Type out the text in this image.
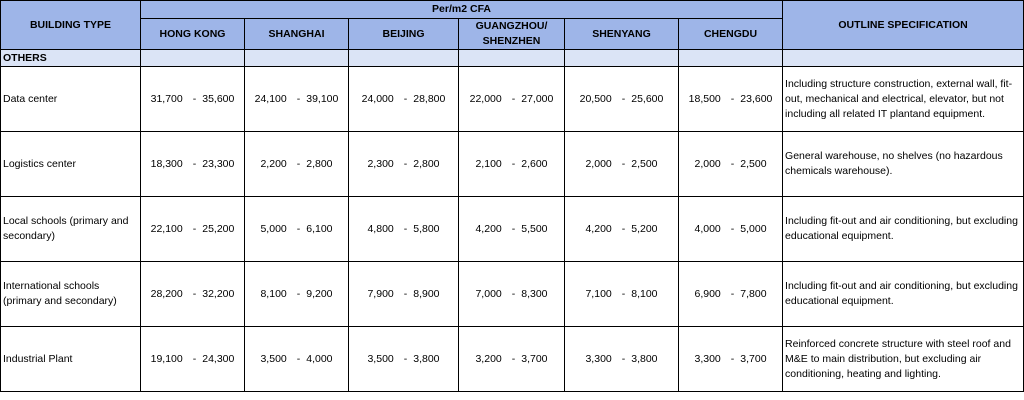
BUILDING TYPE	Per/m2 CFA						OUTLINE SPECIFICATION
	HONG KONG	SHANGHAI	BEIJING	GUANGZHOU/ SHENZHEN	SHENYANG	CHENGDU	
OTHERS							
Data center	31,700 - 35,600	24,100 - 39,100	24,000 - 28,800	22,000 - 27,000	20,500 - 25,600	18,500 - 23,600	Including structure construction, external wall, fit-out, mechanical and electrical, elevator, but not including all related IT plantand equipment.
Logistics center	18,300 - 23,300	2,200 - 2,800	2,300 - 2,800	2,100 - 2,600	2,000 - 2,500	2,000 - 2,500	General warehouse, no shelves (no hazardous chemicals warehouse).
Local schools (primary and secondary)	22,100 - 25,200	5,000 - 6,100	4,800 - 5,800	4,200 - 5,500	4,200 - 5,200	4,000 - 5,000	Including fit-out and air conditioning, but excluding educational equipment.
International schools (primary and secondary)	28,200 - 32,200	8,100 - 9,200	7,900 - 8,900	7,000 - 8,300	7,100 - 8,100	6,900 - 7,800	Including fit-out and air conditioning, but excluding educational equipment.
Industrial Plant	19,100 - 24,300	3,500 - 4,000	3,500 - 3,800	3,200 - 3,700	3,300 - 3,800	3,300 - 3,700	Reinforced concrete structure with steel roof and M&E to main distribution, but excluding air conditioning, heating and lighting.
